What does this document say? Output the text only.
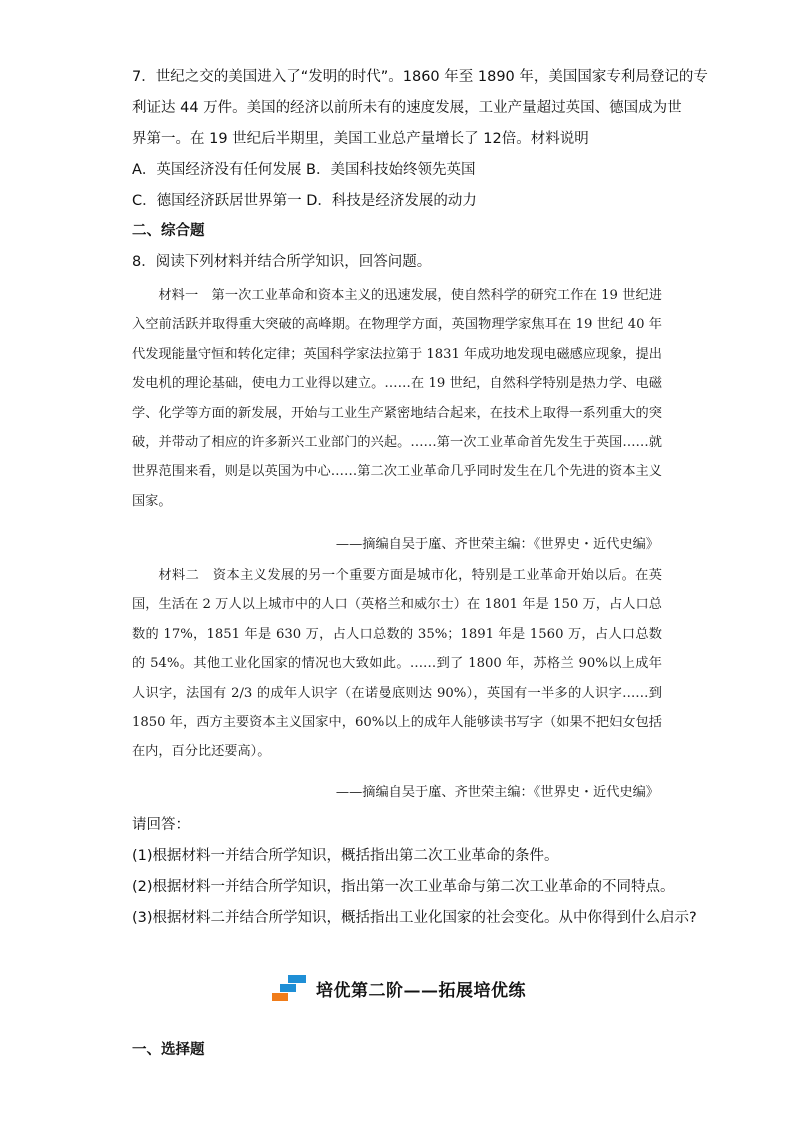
7．世纪之交的美国进入了“发明的时代”。1860 年至 1890 年，美国国家专利局登记的专
利证达 44 万件。美国的经济以前所未有的速度发展，工业产量超过英国、德国成为世
界第一。在 19 世纪后半期里，美国工业总产量增长了 12倍。材料说明
A．英国经济没有任何发展 B．美国科技始终领先英国
C．德国经济跃居世界第一 D．科技是经济发展的动力
二、综合题
8．阅读下列材料并结合所学知识，回答问题。

材料一　第一次工业革命和资本主义的迅速发展，使自然科学的研究工作在 19 世纪进入空前活跃并取得重大突破的高峰期。在物理学方面，英国物理学家焦耳在 19 世纪 40 年代发现能量守恒和转化定律；英国科学家法拉第于 1831 年成功地发现电磁感应现象，提出发电机的理论基础，使电力工业得以建立。……在 19 世纪，自然科学特别是热力学、电磁学、化学等方面的新发展，开始与工业生产紧密地结合起来，在技术上取得一系列重大的突破，并带动了相应的许多新兴工业部门的兴起。……第一次工业革命首先发生于英国……就世界范围来看，则是以英国为中心……第二次工业革命几乎同时发生在几个先进的资本主义国家。

——摘编自吴于廑、齐世荣主编：《世界史・近代史编》

材料二　资本主义发展的另一个重要方面是城市化，特别是工业革命开始以后。在英国，生活在 2 万人以上城市中的人口（英格兰和威尔士）在 1801 年是 150 万，占人口总数的 17%，1851 年是 630 万，占人口总数的 35%；1891 年是 1560 万，占人口总数的 54%。其他工业化国家的情况也大致如此。……到了 1800 年，苏格兰 90%以上成年人识字，法国有 2/3 的成年人识字（在诺曼底则达 90%），英国有一半多的人识字……到 1850 年，西方主要资本主义国家中，60%以上的成年人能够读书写字（如果不把妇女包括在内，百分比还要高）。

——摘编自吴于廑、齐世荣主编：《世界史・近代史编》
请回答：
(1)根据材料一并结合所学知识，概括指出第二次工业革命的条件。
(2)根据材料一并结合所学知识，指出第一次工业革命与第二次工业革命的不同特点。
(3)根据材料二并结合所学知识，概括指出工业化国家的社会变化。从中你得到什么启示?
培优第二阶——拓展培优练
一、选择题
